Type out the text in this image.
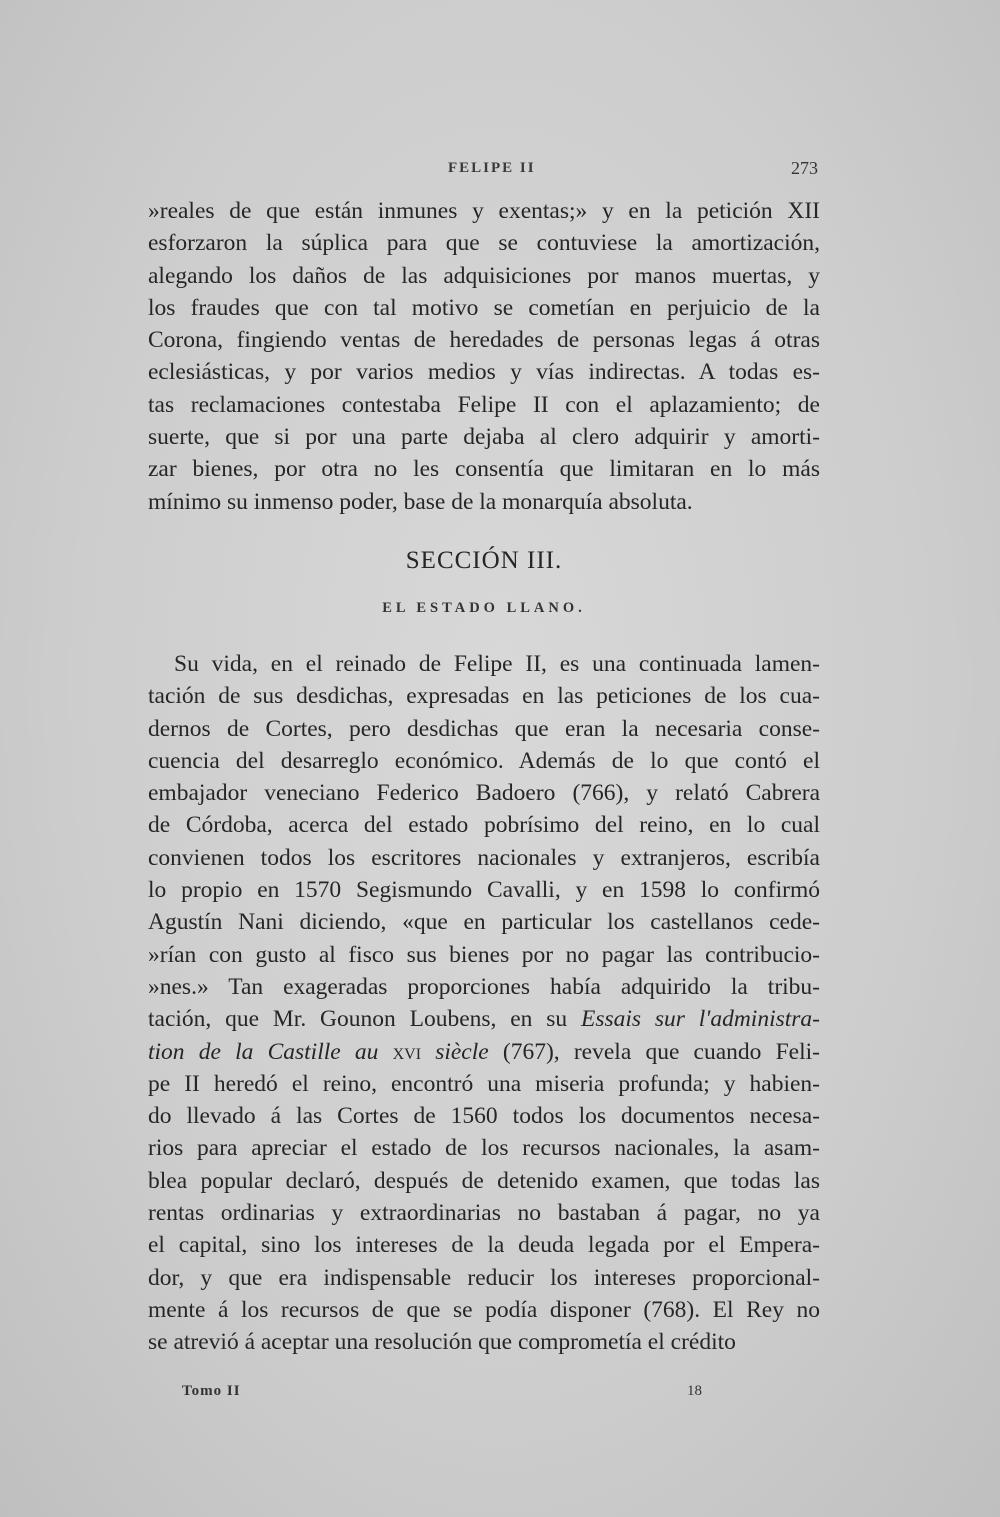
FELIPE II	273
»reales de que están inmunes y exentas;» y en la petición XII
esforzaron la súplica para que se contuviese la amortización,
alegando los daños de las adquisiciones por manos muertas, y
los fraudes que con tal motivo se cometían en perjuicio de la
Corona, fingiendo ventas de heredades de personas legas á otras
eclesiásticas, y por varios medios y vías indirectas. A todas es-
tas reclamaciones contestaba Felipe II con el aplazamiento; de
suerte, que si por una parte dejaba al clero adquirir y amorti-
zar bienes, por otra no les consentía que limitaran en lo más
mínimo su inmenso poder, base de la monarquía absoluta.
SECCIÓN III.
EL ESTADO LLANO.
Su vida, en el reinado de Felipe II, es una continuada lamen-
tación de sus desdichas, expresadas en las peticiones de los cua-
dernos de Cortes, pero desdichas que eran la necesaria conse-
cuencia del desarreglo económico. Además de lo que contó el
embajador veneciano Federico Badoero (766), y relató Cabrera
de Córdoba, acerca del estado pobrísimo del reino, en lo cual
convienen todos los escritores nacionales y extranjeros, escribía
lo propio en 1570 Segismundo Cavalli, y en 1598 lo confirmó
Agustín Nani diciendo, «que en particular los castellanos cede-
»rían con gusto al fisco sus bienes por no pagar las contribucio-
»nes.» Tan exageradas proporciones había adquirido la tribu-
tación, que Mr. Gounon Loubens, en su Essais sur l'administra-
tion de la Castille au xvi siècle (767), revela que cuando Feli-
pe II heredó el reino, encontró una miseria profunda; y habien-
do llevado á las Cortes de 1560 todos los documentos necesa-
rios para apreciar el estado de los recursos nacionales, la asam-
blea popular declaró, después de detenido examen, que todas las
rentas ordinarias y extraordinarias no bastaban á pagar, no ya
el capital, sino los intereses de la deuda legada por el Empera-
dor, y que era indispensable reducir los intereses proporcional-
mente á los recursos de que se podía disponer (768). El Rey no
se atrevió á aceptar una resolución que comprometía el crédito
Tomo II	18
